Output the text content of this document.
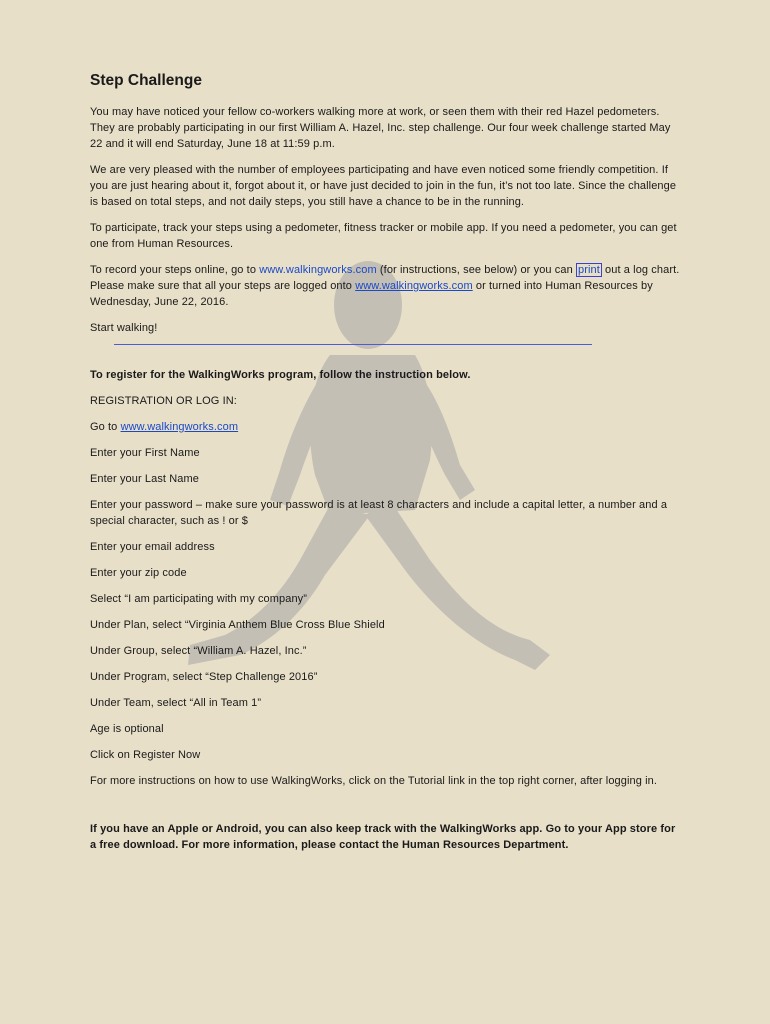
Step Challenge

You may have noticed your fellow co-workers walking more at work, or seen them with their red Hazel pedometers. They are probably participating in our first William A. Hazel, Inc. step challenge. Our four week challenge started May 22 and it will end Saturday, June 18 at 11:59 p.m.

We are very pleased with the number of employees participating and have even noticed some friendly competition. If you are just hearing about it, forgot about it, or have just decided to join in the fun, it’s not too late. Since the challenge is based on total steps, and not daily steps, you still have a chance to be in the running.

To participate, track your steps using a pedometer, fitness tracker or mobile app. If you need a pedometer, you can get one from Human Resources.

To record your steps online, go to www.walkingworks.com (for instructions, see below) or you can print out a log chart. Please make sure that all your steps are logged onto www.walkingworks.com or turned into Human Resources by Wednesday, June 22, 2016.

Start walking!

To register for the WalkingWorks program, follow the instruction below.

REGISTRATION OR LOG IN:

Go to www.walkingworks.com

Enter your First Name

Enter your Last Name

Enter your password – make sure your password is at least 8 characters and include a capital letter, a number and a special character, such as ! or $

Enter your email address

Enter your zip code

Select “I am participating with my company”

Under Plan, select “Virginia Anthem Blue Cross Blue Shield

Under Group, select “William A. Hazel, Inc.”

Under Program, select “Step Challenge 2016”

Under Team, select “All in Team 1”

Age is optional

Click on Register Now

For more instructions on how to use WalkingWorks, click on the Tutorial link in the top right corner, after logging in.

If you have an Apple or Android, you can also keep track with the WalkingWorks app. Go to your App store for a free download. For more information, please contact the Human Resources Department.
